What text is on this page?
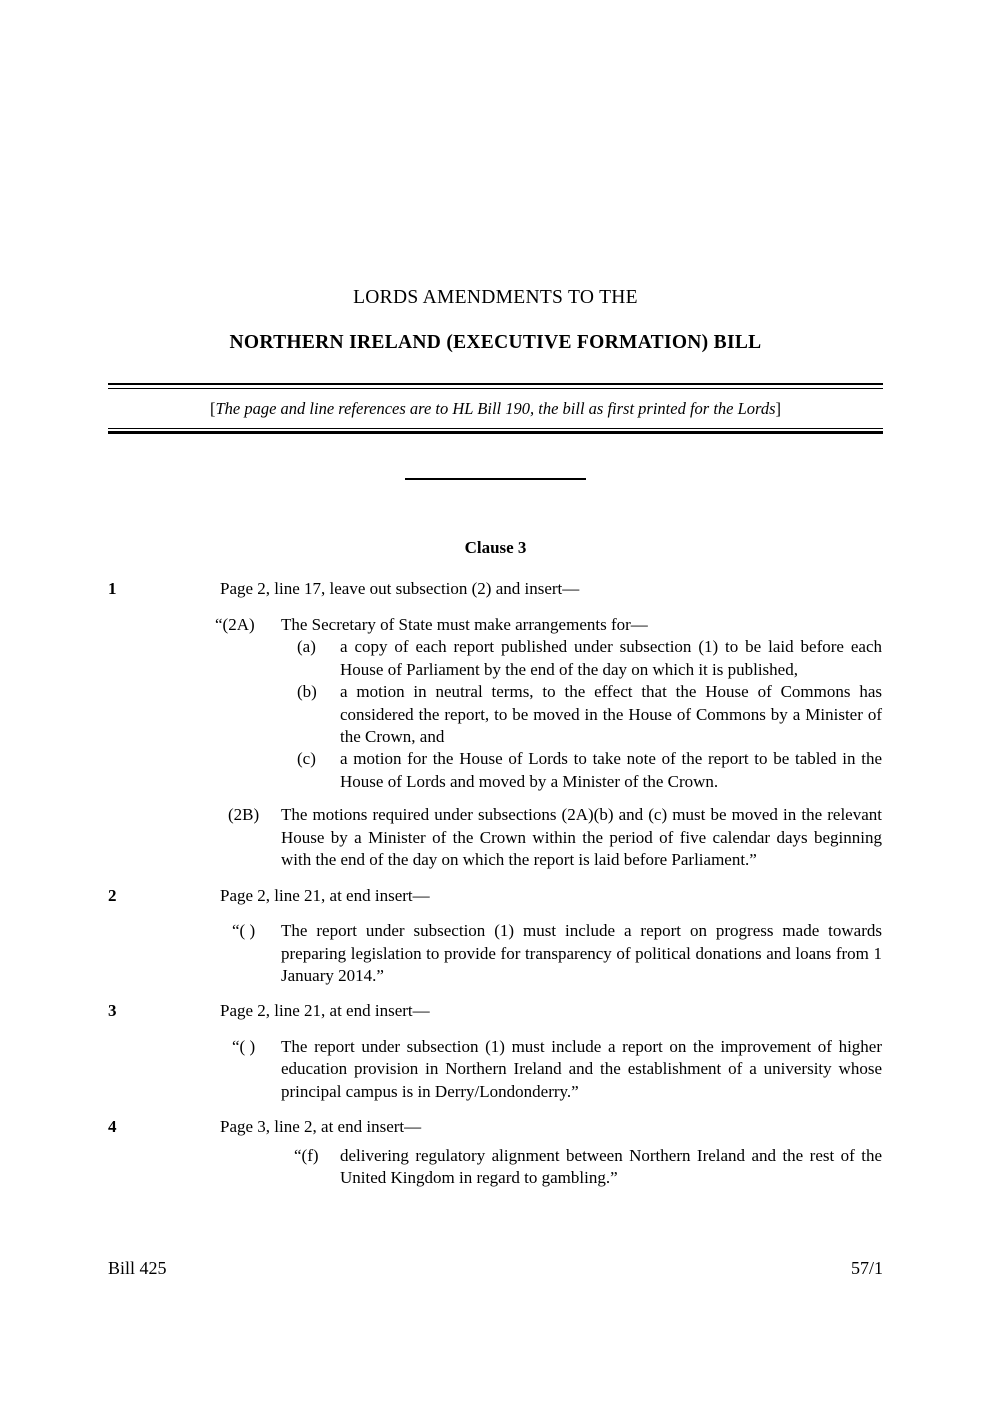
LORDS AMENDMENTS TO THE
NORTHERN IRELAND (EXECUTIVE FORMATION) BILL
[The page and line references are to HL Bill 190, the bill as first printed for the Lords]
Clause 3
1	Page 2, line 17, leave out subsection (2) and insert—
“(2A)	The Secretary of State must make arrangements for—
(a)	a copy of each report published under subsection (1) to be laid before each House of Parliament by the end of the day on which it is published,
(b)	a motion in neutral terms, to the effect that the House of Commons has considered the report, to be moved in the House of Commons by a Minister of the Crown, and
(c)	a motion for the House of Lords to take note of the report to be tabled in the House of Lords and moved by a Minister of the Crown.
(2B)	The motions required under subsections (2A)(b) and (c) must be moved in the relevant House by a Minister of the Crown within the period of five calendar days beginning with the end of the day on which the report is laid before Parliament.”
2	Page 2, line 21, at end insert—
“( )	The report under subsection (1) must include a report on progress made towards preparing legislation to provide for transparency of political donations and loans from 1 January 2014.”
3	Page 2, line 21, at end insert—
“( )	The report under subsection (1) must include a report on the improvement of higher education provision in Northern Ireland and the establishment of a university whose principal campus is in Derry/Londonderry.”
4	Page 3, line 2, at end insert—
“(f)	delivering regulatory alignment between Northern Ireland and the rest of the United Kingdom in regard to gambling.”
Bill 425	57/1
